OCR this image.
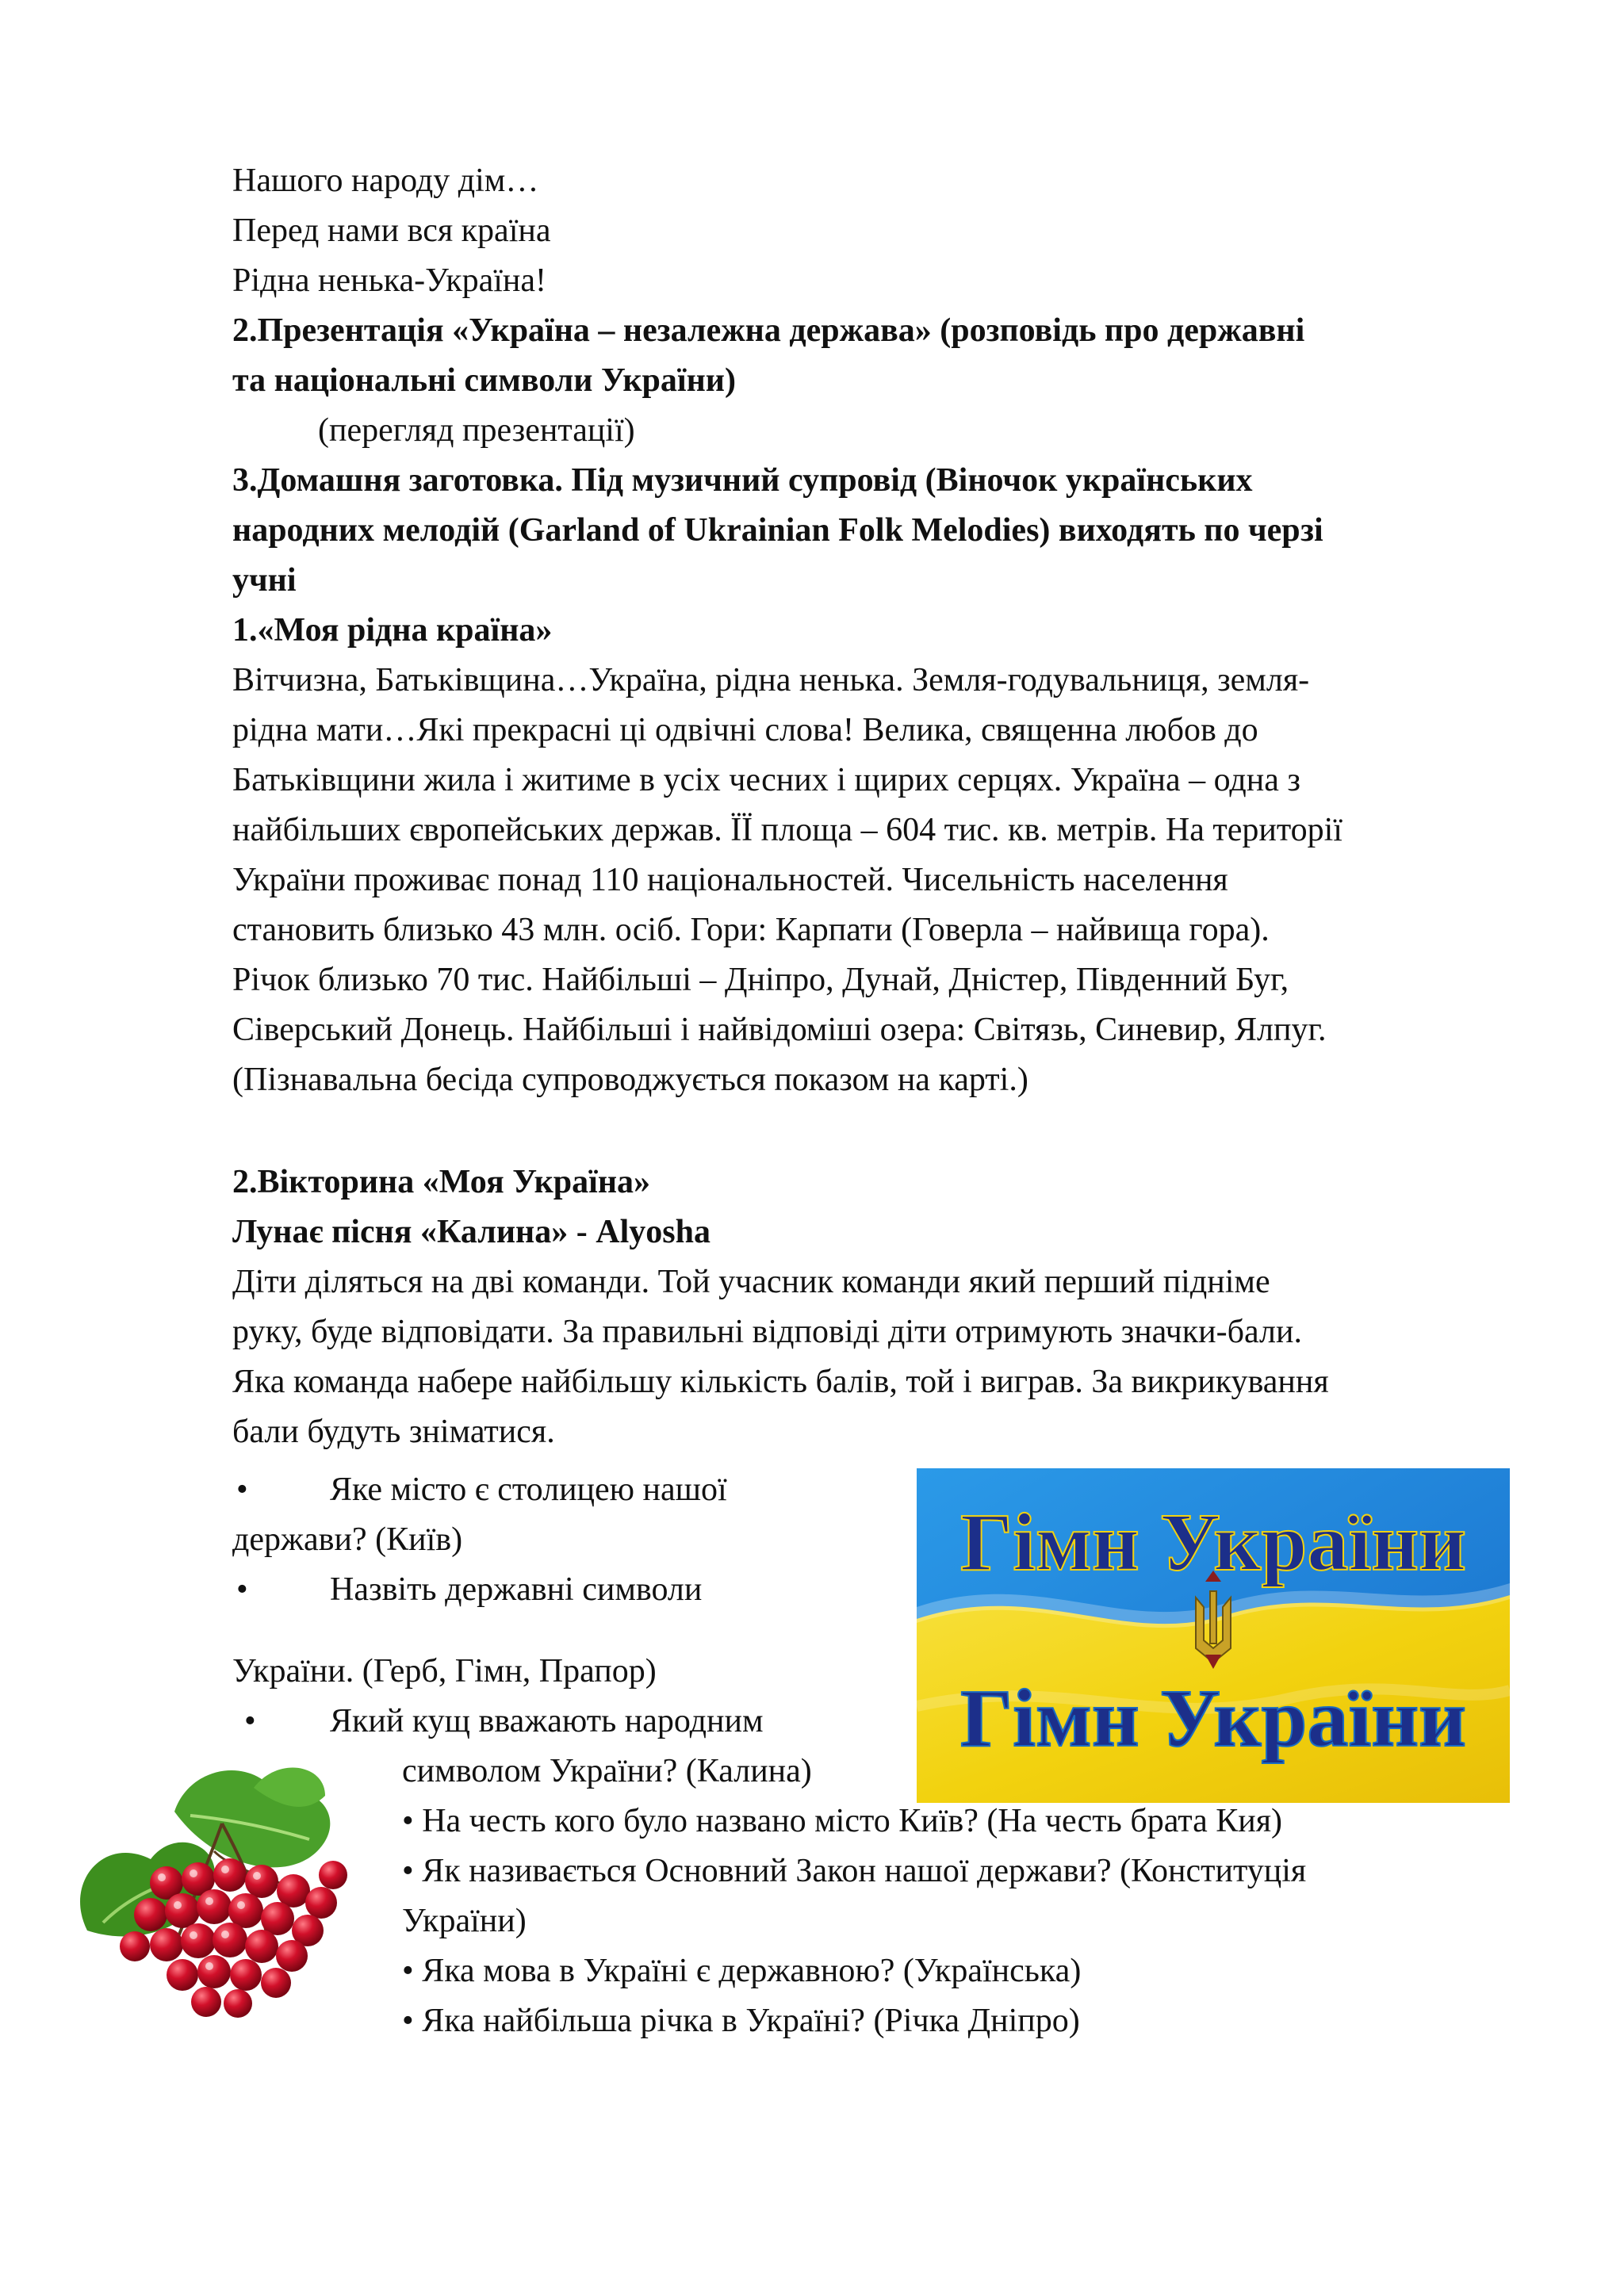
Нашого народу дім…
Перед нами вся країна
Рідна ненька-Україна!
2.Презентація «Україна – незалежна держава» (розповідь про державні
та національні символи України)
(перегляд презентації)
3.Домашня заготовка. Під музичний супровід (Віночок українських
народних мелодій (Garland of Ukrainian Folk Melodies) виходять по черзі
учні
1.«Моя рідна країна»
Вітчизна, Батьківщина…Україна, рідна ненька. Земля-годувальниця, земля-
рідна мати…Які прекрасні ці одвічні слова! Велика, священна любов до
Батьківщини жила і житиме в усіх чесних і щирих серцях. Україна – одна з
найбільших європейських держав. ЇЇ площа – 604 тис. кв. метрів. На території
України проживає понад 110 національностей. Чисельність населення
становить близько 43 млн. осіб. Гори: Карпати (Говерла – найвища гора).
Річок близько 70 тис. Найбільші – Дніпро, Дунай, Дністер, Південний Буг,
Сіверський Донець. Найбільші і найвідоміші озера: Світязь, Синевир, Ялпуг.
(Пізнавальна бесіда супроводжується показом на карті.)
2.Вікторина «Моя Україна»
Лунає пісня «Калина» - Alyosha
Діти діляться на дві команди. Той учасник команди який перший підніме
руку, буде відповідати. За правильні відповіді діти отримують значки-бали.
Яка команда набере найбільшу кількість балів, той і виграв. За викрикування
бали будуть зніматися.
• Яке місто є столицею нашої
держави? (Київ)
• Назвіть державні символи
України. (Герб, Гімн, Прапор)
• Який кущ вважають народним
символом України? (Калина)
• На честь кого було названо місто Київ? (На честь брата Кия)
• Як називається Основний Закон нашої держави? (Конституція
України)
• Яка мова в Україні є державною? (Українська)
• Яка найбільша річка в Україні? (Річка Дніпро)
Гімн України
Гімн України
